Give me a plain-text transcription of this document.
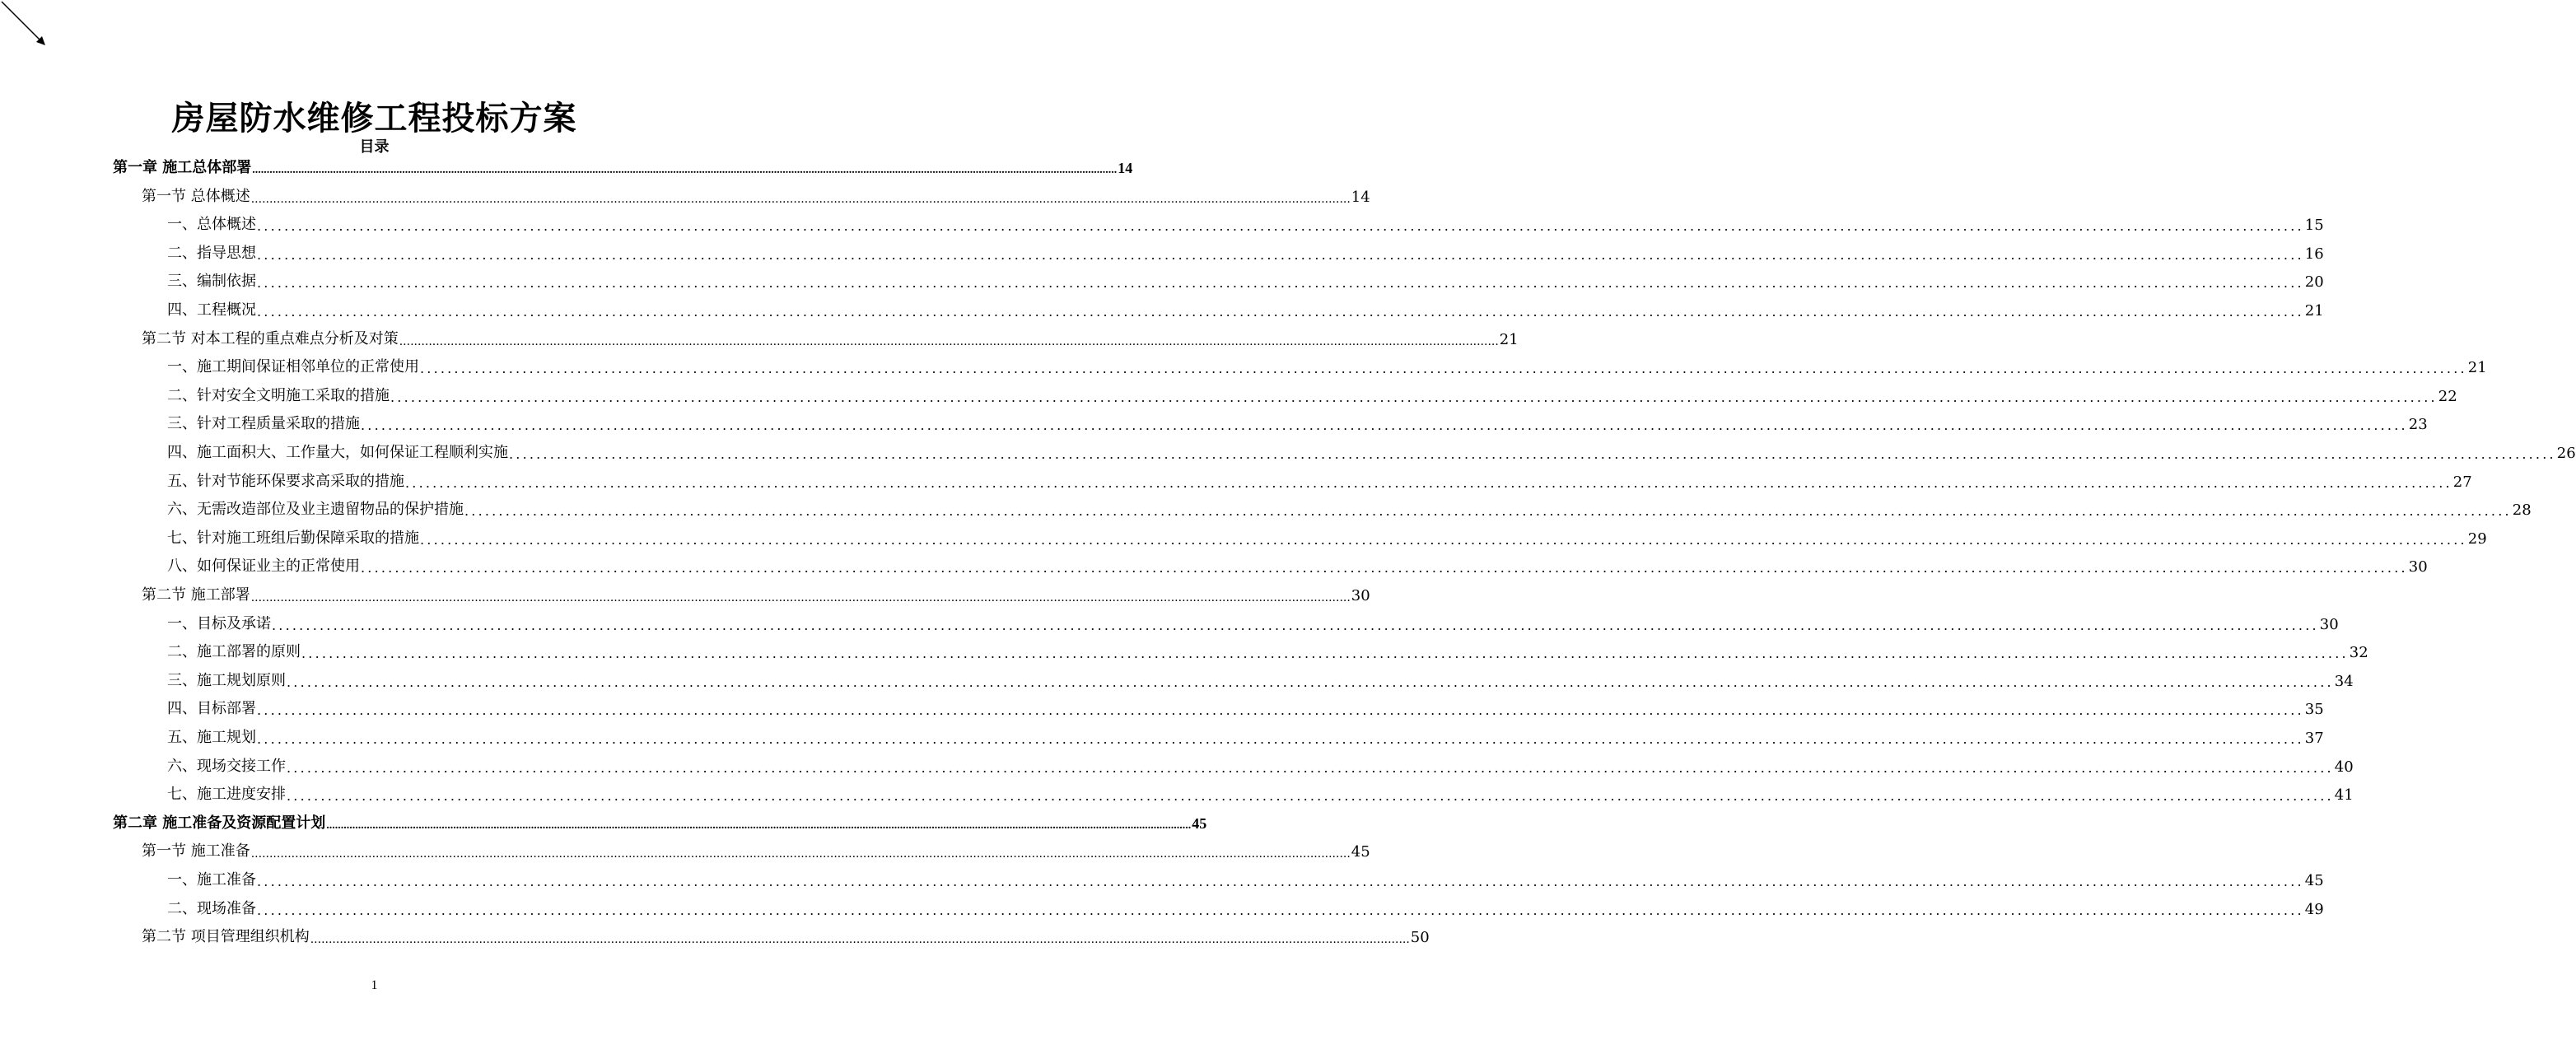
房屋防水维修工程投标方案
目录
第一章 施工总体部署 ............................................................................................................................................................................................................................................................................................................ 14
第一节 总体概述 ............................................................................................................................................................................................................................................................................................................ 14
一、总体概述 ............................................................................................................................................................................................................................................................................................................ 15
二、指导思想 ............................................................................................................................................................................................................................................................................................................ 16
三、编制依据 ............................................................................................................................................................................................................................................................................................................ 20
四、工程概况 ............................................................................................................................................................................................................................................................................................................ 21
第二节 对本工程的重点难点分析及对策 ............................................................................................................................................................................................................................................................................................................ 21
一、施工期间保证相邻单位的正常使用 ............................................................................................................................................................................................................................................................................................................ 21
二、针对安全文明施工采取的措施 ............................................................................................................................................................................................................................................................................................................ 22
三、针对工程质量采取的措施 ............................................................................................................................................................................................................................................................................................................ 23
四、施工面积大、工作量大，如何保证工程顺利实施 ............................................................................................................................................................................................................................................................................................................ 26
五、针对节能环保要求高采取的措施 ............................................................................................................................................................................................................................................................................................................ 27
六、无需改造部位及业主遗留物品的保护措施 ............................................................................................................................................................................................................................................................................................................ 28
七、针对施工班组后勤保障采取的措施 ............................................................................................................................................................................................................................................................................................................ 29
八、如何保证业主的正常使用 ............................................................................................................................................................................................................................................................................................................ 30
第二节 施工部署 ............................................................................................................................................................................................................................................................................................................ 30
一、目标及承诺 ............................................................................................................................................................................................................................................................................................................ 30
二、施工部署的原则 ............................................................................................................................................................................................................................................................................................................ 32
三、施工规划原则 ............................................................................................................................................................................................................................................................................................................ 34
四、目标部署 ............................................................................................................................................................................................................................................................................................................ 35
五、施工规划 ............................................................................................................................................................................................................................................................................................................ 37
六、现场交接工作 ............................................................................................................................................................................................................................................................................................................ 40
七、施工进度安排 ............................................................................................................................................................................................................................................................................................................ 41
第二章 施工准备及资源配置计划 ............................................................................................................................................................................................................................................................................................................ 45
第一节 施工准备 ............................................................................................................................................................................................................................................................................................................ 45
一、施工准备 ............................................................................................................................................................................................................................................................................................................ 45
二、现场准备 ............................................................................................................................................................................................................................................................................................................ 49
第二节 项目管理组织机构 ............................................................................................................................................................................................................................................................................................................ 50
1
